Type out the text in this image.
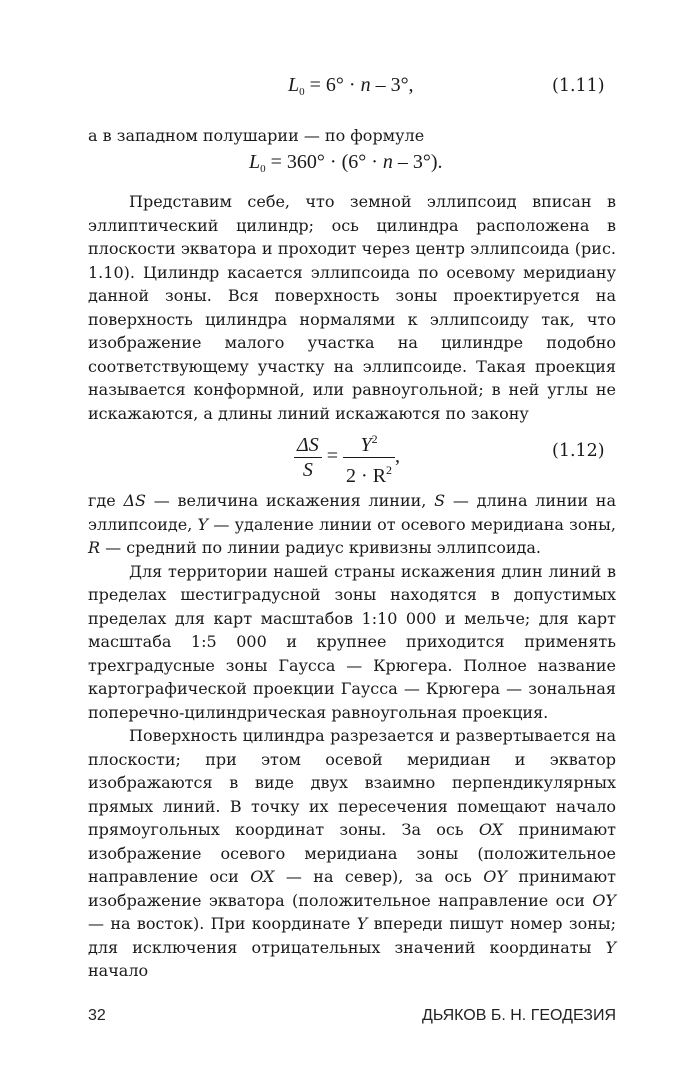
$L_0 = 6^\circ \cdot n - 3^\circ$,	(1.11)

а в западном полушарии — по формуле

$L_0 = 360^\circ \cdot (6^\circ \cdot n - 3^\circ)$.

Представим себе, что земной эллипсоид вписан в эллиптический цилиндр; ось цилиндра расположена в плоскости экватора и проходит через центр эллипсоида (рис. 1.10). Цилиндр касается эллипсоида по осевому меридиану данной зоны. Вся поверхность зоны проектируется на поверхность цилиндра нормалями к эллипсоиду так, что изображение малого участка на цилиндре подобно соответствующему участку на эллипсоиде. Такая проекция называется конформной, или равноугольной; в ней углы не искажаются, а длины линий искажаются по закону

$\frac{\Delta S}{S} = \frac{Y^2}{2 \cdot R^2}$ ,	(1.12)

где ΔS — величина искажения линии, S — длина линии на эллипсоиде, Y — удаление линии от осевого меридиана зоны, R — средний по линии радиус кривизны эллипсоида.

Для территории нашей страны искажения длин линий в пределах шестиградусной зоны находятся в допустимых пределах для карт масштабов 1:10 000 и мельче; для карт масштаба 1:5 000 и крупнее приходится применять трехградусные зоны Гаусса — Крюгера. Полное название картографической проекции Гаусса — Крюгера — зональная поперечно-цилиндрическая равноугольная проекция.

Поверхность цилиндра разрезается и развертывается на плоскости; при этом осевой меридиан и экватор изображаются в виде двух взаимно перпендикулярных прямых линий. В точку их пересечения помещают начало прямоугольных координат зоны. За ось OX принимают изображение осевого меридиана зоны (положительное направление оси OX — на север), за ось OY принимают изображение экватора (положительное направление оси OY — на восток). При координате Y впереди пишут номер зоны; для исключения отрицательных значений координаты Y начало

32	ДЬЯКОВ Б. Н. ГЕОДЕЗИЯ
